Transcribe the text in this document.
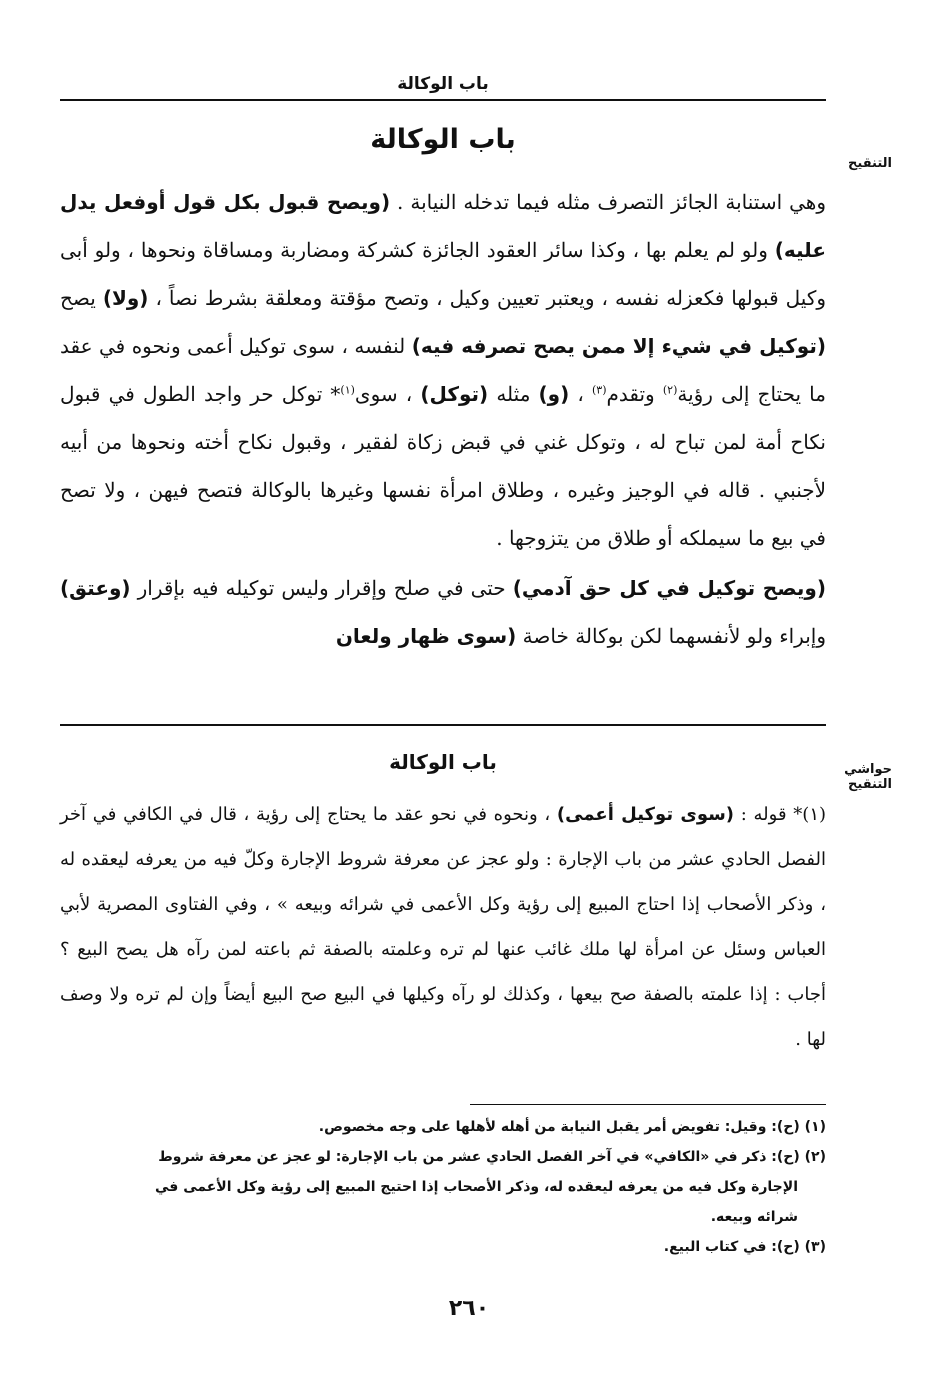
باب الوكالة
التنقيح
باب الوكالة

وهي استنابة الجائز التصرف مثله فيما تدخله النيابة . (ويصح قبول بكل قول أوفعل يدل عليه) ولو لم يعلم بها ، وكذا سائر العقود الجائزة كشركة ومضاربة ومساقاة ونحوها ، ولو أبى وكيل قبولها فكعزله نفسه ، ويعتبر تعيين وكيل ، وتصح مؤقتة ومعلقة بشرط نصاً ، (ولا) يصح (توكيل في شيء إلا ممن يصح تصرفه فيه) لنفسه ، سوى توكيل أعمى ونحوه في عقد ما يحتاج إلى رؤية$^{(٢)}$ وتقدم$^{(٣)}$ ، (و) مثله (توكل) ، سوى$^{(١)}$* توكل حر واجد الطول في قبول نكاح أمة لمن تباح له ، وتوكل غني في قبض زكاة لفقير ، وقبول نكاح أخته ونحوها من أبيه لأجنبي . قاله في الوجيز وغيره ، وطلاق امرأة نفسها وغيرها بالوكالة فتصح فيهن ، ولا تصح في بيع ما سيملكه أو طلاق من يتزوجها .

(ويصح توكيل في كل حق آدمي) حتى في صلح وإقرار وليس توكيله فيه بإقرار (وعتق) وإبراء ولو لأنفسهما لكن بوكالة خاصة (سوى ظهار ولعان

حواشي التنقيح
باب الوكالة

(١)* قوله : (سوى توكيل أعمى) ، ونحوه في نحو عقد ما يحتاج إلى رؤية ، قال في الكافي في آخر الفصل الحادي عشر من باب الإجارة : ولو عجز عن معرفة شروط الإجارة وكلّ فيه من يعرفه ليعقده له ، وذكر الأصحاب إذا احتاج المبيع إلى رؤية وكل الأعمى في شرائه وبيعه » ، وفي الفتاوى المصرية لأبي العباس وسئل عن امرأة لها ملك غائب عنها لم تره وعلمته بالصفة ثم باعته لمن رآه هل يصح البيع ؟ أجاب : إذا علمته بالصفة صح بيعها ، وكذلك لو رآه وكيلها في البيع صح البيع أيضاً وإن لم تره ولا وصف لها .

(١) (ح): وقيل: تفويض أمر يقبل النيابة من أهله لأهلها على وجه مخصوص.

(٢) (ح): ذكر في «الكافي» في آخر الفصل الحادي عشر من باب الإجارة: لو عجز عن معرفة شروط

الإجارة وكل فيه من يعرفه ليعقده له، وذكر الأصحاب إذا احتيج المبيع إلى رؤية وكل الأعمى في

شرائه وبيعه.

(٣) (ح): في كتاب البيع.

٢٦٠
